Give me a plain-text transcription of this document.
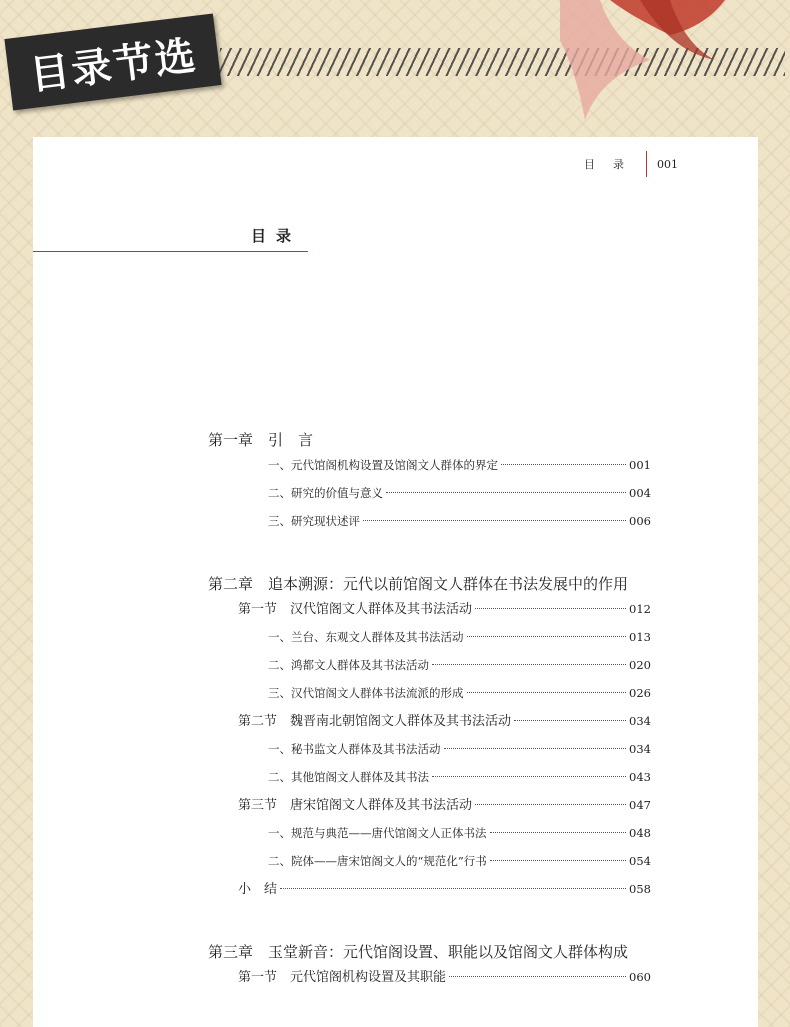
目录节选
目录 001
目录
第一章　引　言
一、元代馆阁机构设置及馆阁文人群体的界定	001
二、研究的价值与意义	004
三、研究现状述评	006
第二章　追本溯源：元代以前馆阁文人群体在书法发展中的作用
第一节　汉代馆阁文人群体及其书法活动	012
一、兰台、东观文人群体及其书法活动	013
二、鸿都文人群体及其书法活动	020
三、汉代馆阁文人群体书法流派的形成	026
第二节　魏晋南北朝馆阁文人群体及其书法活动	034
一、秘书监文人群体及其书法活动	034
二、其他馆阁文人群体及其书法	043
第三节　唐宋馆阁文人群体及其书法活动	047
一、规范与典范——唐代馆阁文人正体书法	048
二、院体——唐宋馆阁文人的“规范化”行书	054
小　结	058
第三章　玉堂新音：元代馆阁设置、职能以及馆阁文人群体构成
第一节　元代馆阁机构设置及其职能	060
